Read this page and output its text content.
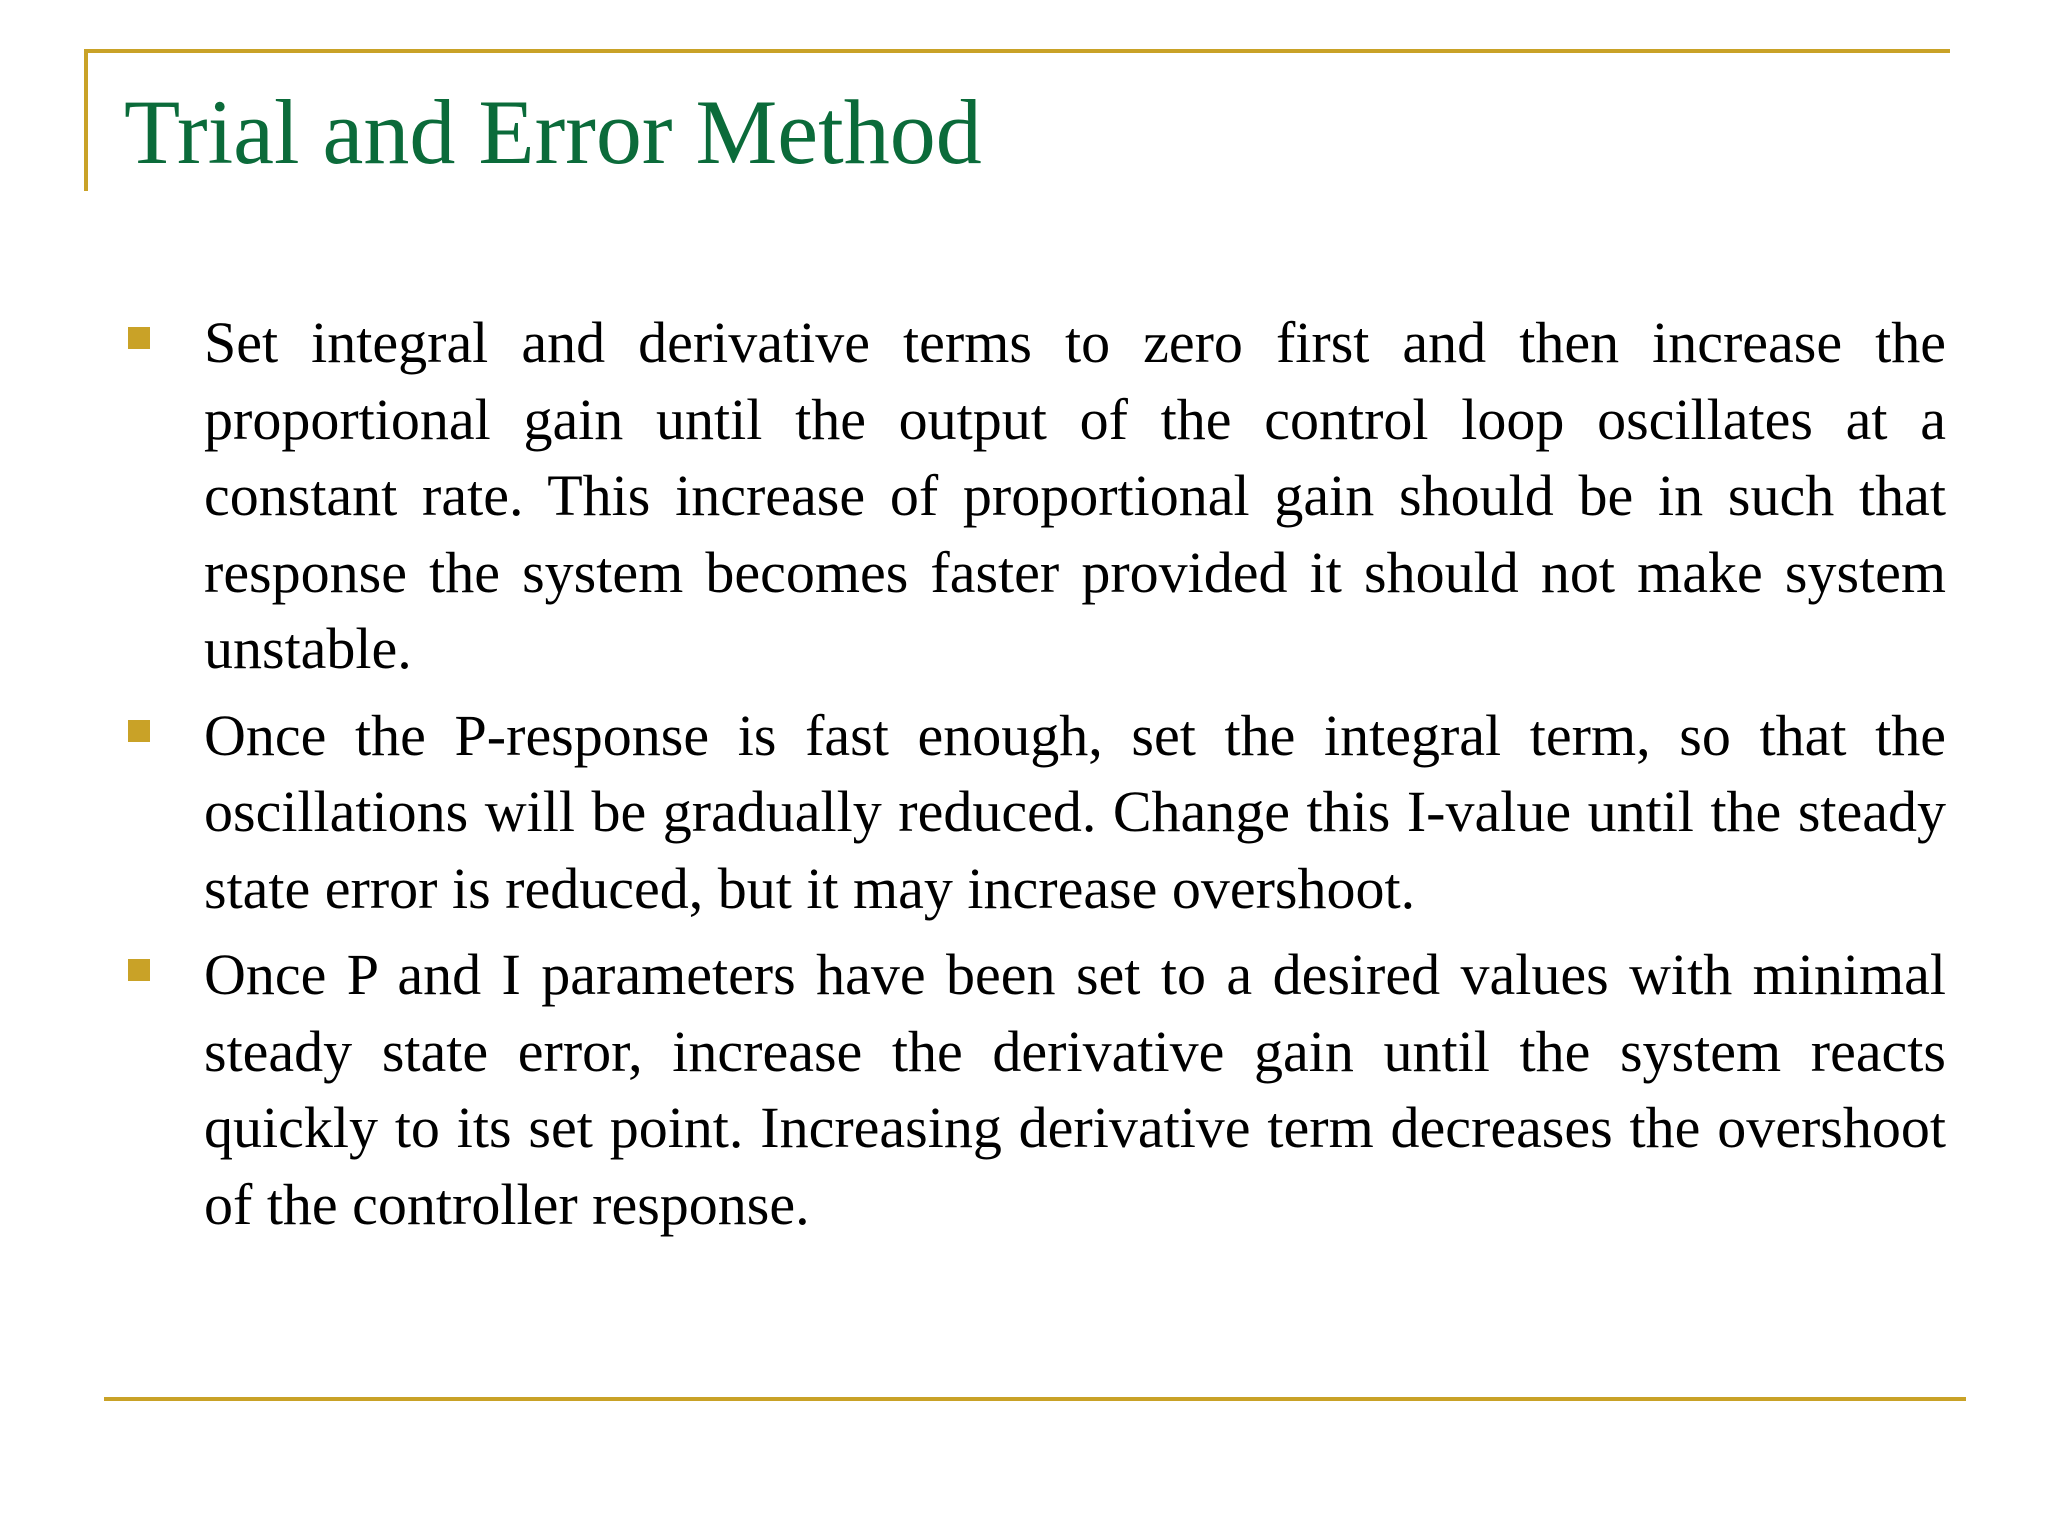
Trial and Error Method
Set integral and derivative terms to zero first and then increase the proportional gain until the output of the control loop oscillates at a constant rate. This increase of proportional gain should be in such that response the system becomes faster provided it should not make system unstable.
Once the P-response is fast enough, set the integral term, so that the oscillations will be gradually reduced. Change this I-value until the steady state error is reduced, but it may increase overshoot.
Once P and I parameters have been set to a desired values with minimal steady state error, increase the derivative gain until the system reacts quickly to its set point. Increasing derivative term decreases the overshoot of the controller response.
